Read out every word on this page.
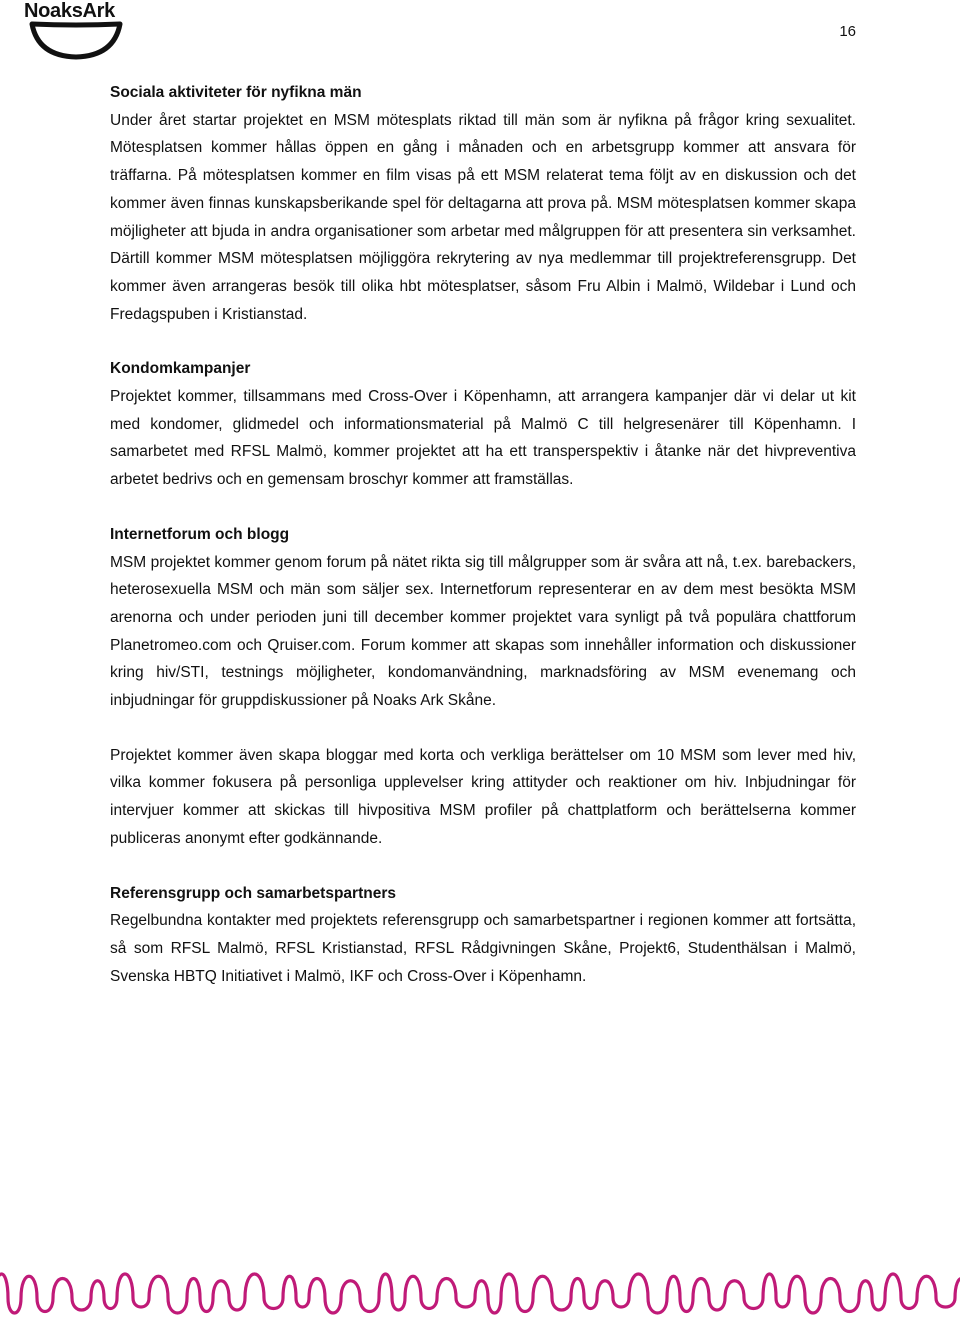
NoaksArk
16
Sociala aktiviteter för nyfikna män

Under året startar projektet en MSM mötesplats riktad till män som är nyfikna på frågor kring sexualitet. Mötesplatsen kommer hållas öppen en gång i månaden och en arbetsgrupp kommer att ansvara för träffarna. På mötesplatsen kommer en film visas på ett MSM relaterat tema följt av en diskussion och det kommer även finnas kunskapsberikande spel för deltagarna att prova på. MSM mötesplatsen kommer skapa möjligheter att bjuda in andra organisationer som arbetar med målgruppen för att presentera sin verksamhet. Därtill kommer MSM mötesplatsen möjliggöra rekrytering av nya medlemmar till projektreferensgrupp. Det kommer även arrangeras besök till olika hbt mötesplatser, såsom Fru Albin i Malmö, Wildebar i Lund och Fredagspuben i Kristianstad.

Kondomkampanjer

Projektet kommer, tillsammans med Cross-Over i Köpenhamn, att arrangera kampanjer där vi delar ut kit med kondomer, glidmedel och informationsmaterial på Malmö C till helgresenärer till Köpenhamn. I samarbetet med RFSL Malmö, kommer projektet att ha ett transperspektiv i åtanke när det hivpreventiva arbetet bedrivs och en gemensam broschyr kommer att framställas.

Internetforum och blogg

MSM projektet kommer genom forum på nätet rikta sig till målgrupper som är svåra att nå, t.ex. barebackers, heterosexuella MSM och män som säljer sex. Internetforum representerar en av dem mest besökta MSM arenorna och under perioden juni till december kommer projektet vara synligt på två populära chattforum Planetromeo.com och Qruiser.com. Forum kommer att skapas som innehåller information och diskussioner kring hiv/STI, testnings möjligheter, kondomanvändning, marknadsföring av MSM evenemang och inbjudningar för gruppdiskussioner på Noaks Ark Skåne.

Projektet kommer även skapa bloggar med korta och verkliga berättelser om 10 MSM som lever med hiv, vilka kommer fokusera på personliga upplevelser kring attityder och reaktioner om hiv. Inbjudningar för intervjuer kommer att skickas till hivpositiva MSM profiler på chattplatform och berättelserna kommer publiceras anonymt efter godkännande.

Referensgrupp och samarbetspartners

Regelbundna kontakter med projektets referensgrupp och samarbetspartner i regionen kommer att fortsätta, så som RFSL Malmö, RFSL Kristianstad, RFSL Rådgivningen Skåne, Projekt6, Studenthälsan i Malmö, Svenska HBTQ Initiativet i Malmö, IKF och Cross-Over i Köpenhamn.
